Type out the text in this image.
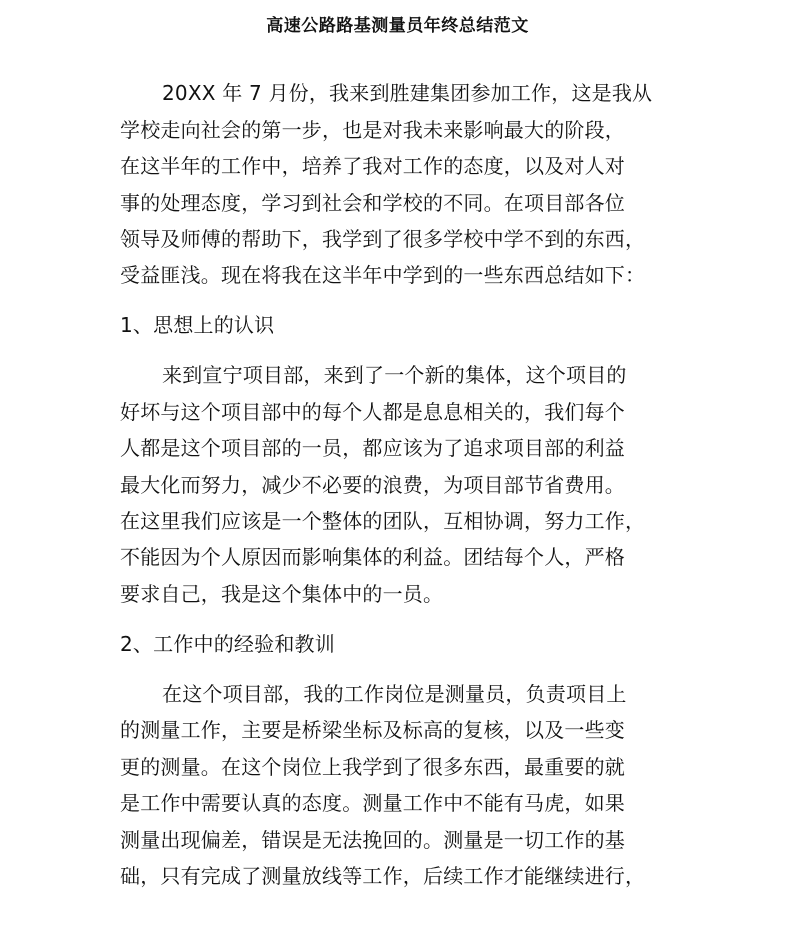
高速公路路基测量员年终总结范文
20XX 年 7 月份，我来到胜建集团参加工作，这是我从
学校走向社会的第一步，也是对我未来影响最大的阶段，
在这半年的工作中，培养了我对工作的态度，以及对人对
事的处理态度，学习到社会和学校的不同。在项目部各位
领导及师傅的帮助下，我学到了很多学校中学不到的东西，
受益匪浅。现在将我在这半年中学到的一些东西总结如下：
1、思想上的认识
来到宣宁项目部，来到了一个新的集体，这个项目的
好坏与这个项目部中的每个人都是息息相关的，我们每个
人都是这个项目部的一员，都应该为了追求项目部的利益
最大化而努力，减少不必要的浪费，为项目部节省费用。
在这里我们应该是一个整体的团队，互相协调，努力工作，
不能因为个人原因而影响集体的利益。团结每个人，严格
要求自己，我是这个集体中的一员。
2、工作中的经验和教训
在这个项目部，我的工作岗位是测量员，负责项目上
的测量工作，主要是桥梁坐标及标高的复核，以及一些变
更的测量。在这个岗位上我学到了很多东西，最重要的就
是工作中需要认真的态度。测量工作中不能有马虎，如果
测量出现偏差，错误是无法挽回的。测量是一切工作的基
础，只有完成了测量放线等工作，后续工作才能继续进行，
